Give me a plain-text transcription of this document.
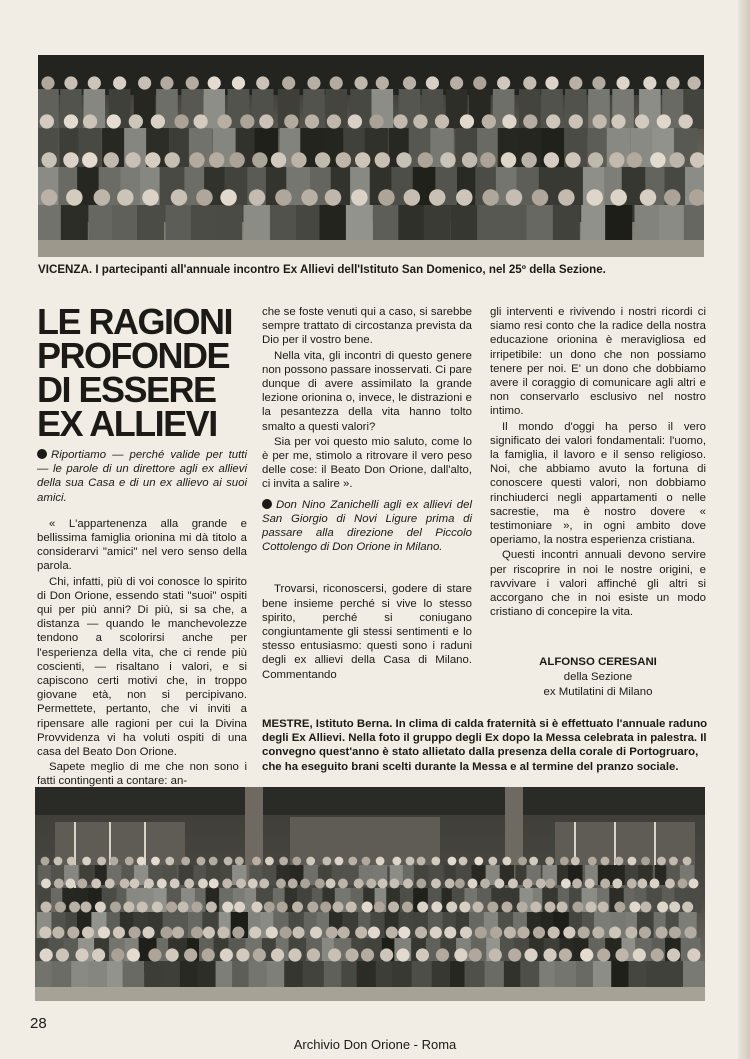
VICENZA. I partecipanti all'annuale incontro Ex Allievi dell'Istituto San Domenico, nel 25º della Sezione.
LE RAGIONI
PROFONDE
DI ESSERE
EX ALLIEVI

Riportiamo — perché valide per tutti — le parole di un direttore agli ex allievi della sua Casa e di un ex allievo ai suoi amici.

« L'appartenenza alla grande e bellissima famiglia orionina mi dà titolo a considerarvi "amici" nel vero senso della parola.

Chi, infatti, più di voi conosce lo spirito di Don Orione, essendo stati "suoi" ospiti qui per più anni? Di più, si sa che, a distanza — quando le manchevolezze tendono a scolorirsi anche per l'esperienza della vita, che ci rende più coscienti, — risaltano i valori, e si capiscono certi motivi che, in troppo giovane età, non si percipivano. Permettete, pertanto, che vi inviti a ripensare alle ragioni per cui la Divina Provvidenza vi ha voluti ospiti di una casa del Beato Don Orione.

Sapete meglio di me che non sono i fatti contingenti a contare: an-

che se foste venuti qui a caso, si sarebbe sempre trattato di circostanza prevista da Dio per il vostro bene.

Nella vita, gli incontri di questo genere non possono passare inosservati. Ci pare dunque di avere assimilato la grande lezione orionina o, invece, le distrazioni e la pesantezza della vita hanno tolto smalto a questi valori?

Sia per voi questo mio saluto, come lo è per me, stimolo a ritrovare il vero peso delle cose: il Beato Don Orione, dall'alto, ci invita a salire ».

Don Nino Zanichelli agli ex allievi del San Giorgio di Novi Ligure prima di passare alla direzione del Piccolo Cottolengo di Don Orione in Milano.

Trovarsi, riconoscersi, godere di stare bene insieme perché si vive lo stesso spirito, perché si coniugano congiuntamente gli stessi sentimenti e lo stesso entusiasmo: questi sono i raduni degli ex allievi della Casa di Milano. Commentando

gli interventi e rivivendo i nostri ricordi ci siamo resi conto che la radice della nostra educazione orionina è meravigliosa ed irripetibile: un dono che non possiamo tenere per noi. E' un dono che dobbiamo avere il coraggio di comunicare agli altri e non conservarlo esclusivo nel nostro intimo.

Il mondo d'oggi ha perso il vero significato dei valori fondamentali: l'uomo, la famiglia, il lavoro e il senso religioso. Noi, che abbiamo avuto la fortuna di conoscere questi valori, non dobbiamo rinchiuderci negli appartamenti o nelle sacrestie, ma è nostro dovere « testimoniare », in ogni ambito dove operiamo, la nostra esperienza cristiana.

Questi incontri annuali devono servire per riscoprire in noi le nostre origini, e ravvivare i valori affinché gli altri si accorgano che in noi esiste un modo cristiano di concepire la vita.

ALFONSO CERESANI
della Sezione
ex Mutilatini di Milano
MESTRE, Istituto Berna. In clima di calda fraternità si è effettuato l'annuale raduno degli Ex Allievi. Nella foto il gruppo degli Ex dopo la Messa celebrata in palestra. Il convegno quest'anno è stato allietato dalla presenza della corale di Portogruaro, che ha eseguito brani scelti durante la Messa e al termine del pranzo sociale.
28
Archivio Don Orione - Roma
